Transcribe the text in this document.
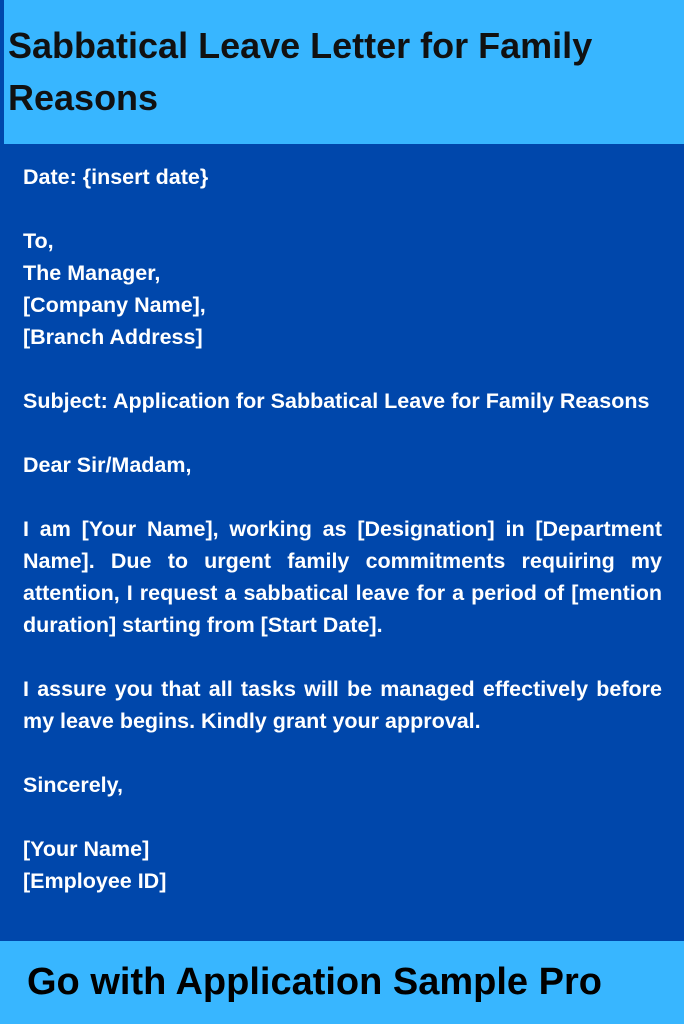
Sabbatical Leave Letter for Family Reasons

Date: {insert date}

To,

The Manager,

[Company Name],

[Branch Address]

Subject: Application for Sabbatical Leave for Family Reasons

Dear Sir/Madam,

I am [Your Name], working as [Designation] in [Department Name]. Due to urgent family commitments requiring my attention, I request a sabbatical leave for a period of [mention duration] starting from [Start Date].

I assure you that all tasks will be managed effectively before my leave begins. Kindly grant your approval.

Sincerely,

[Your Name]

[Employee ID]

Go with Application Sample Pro
